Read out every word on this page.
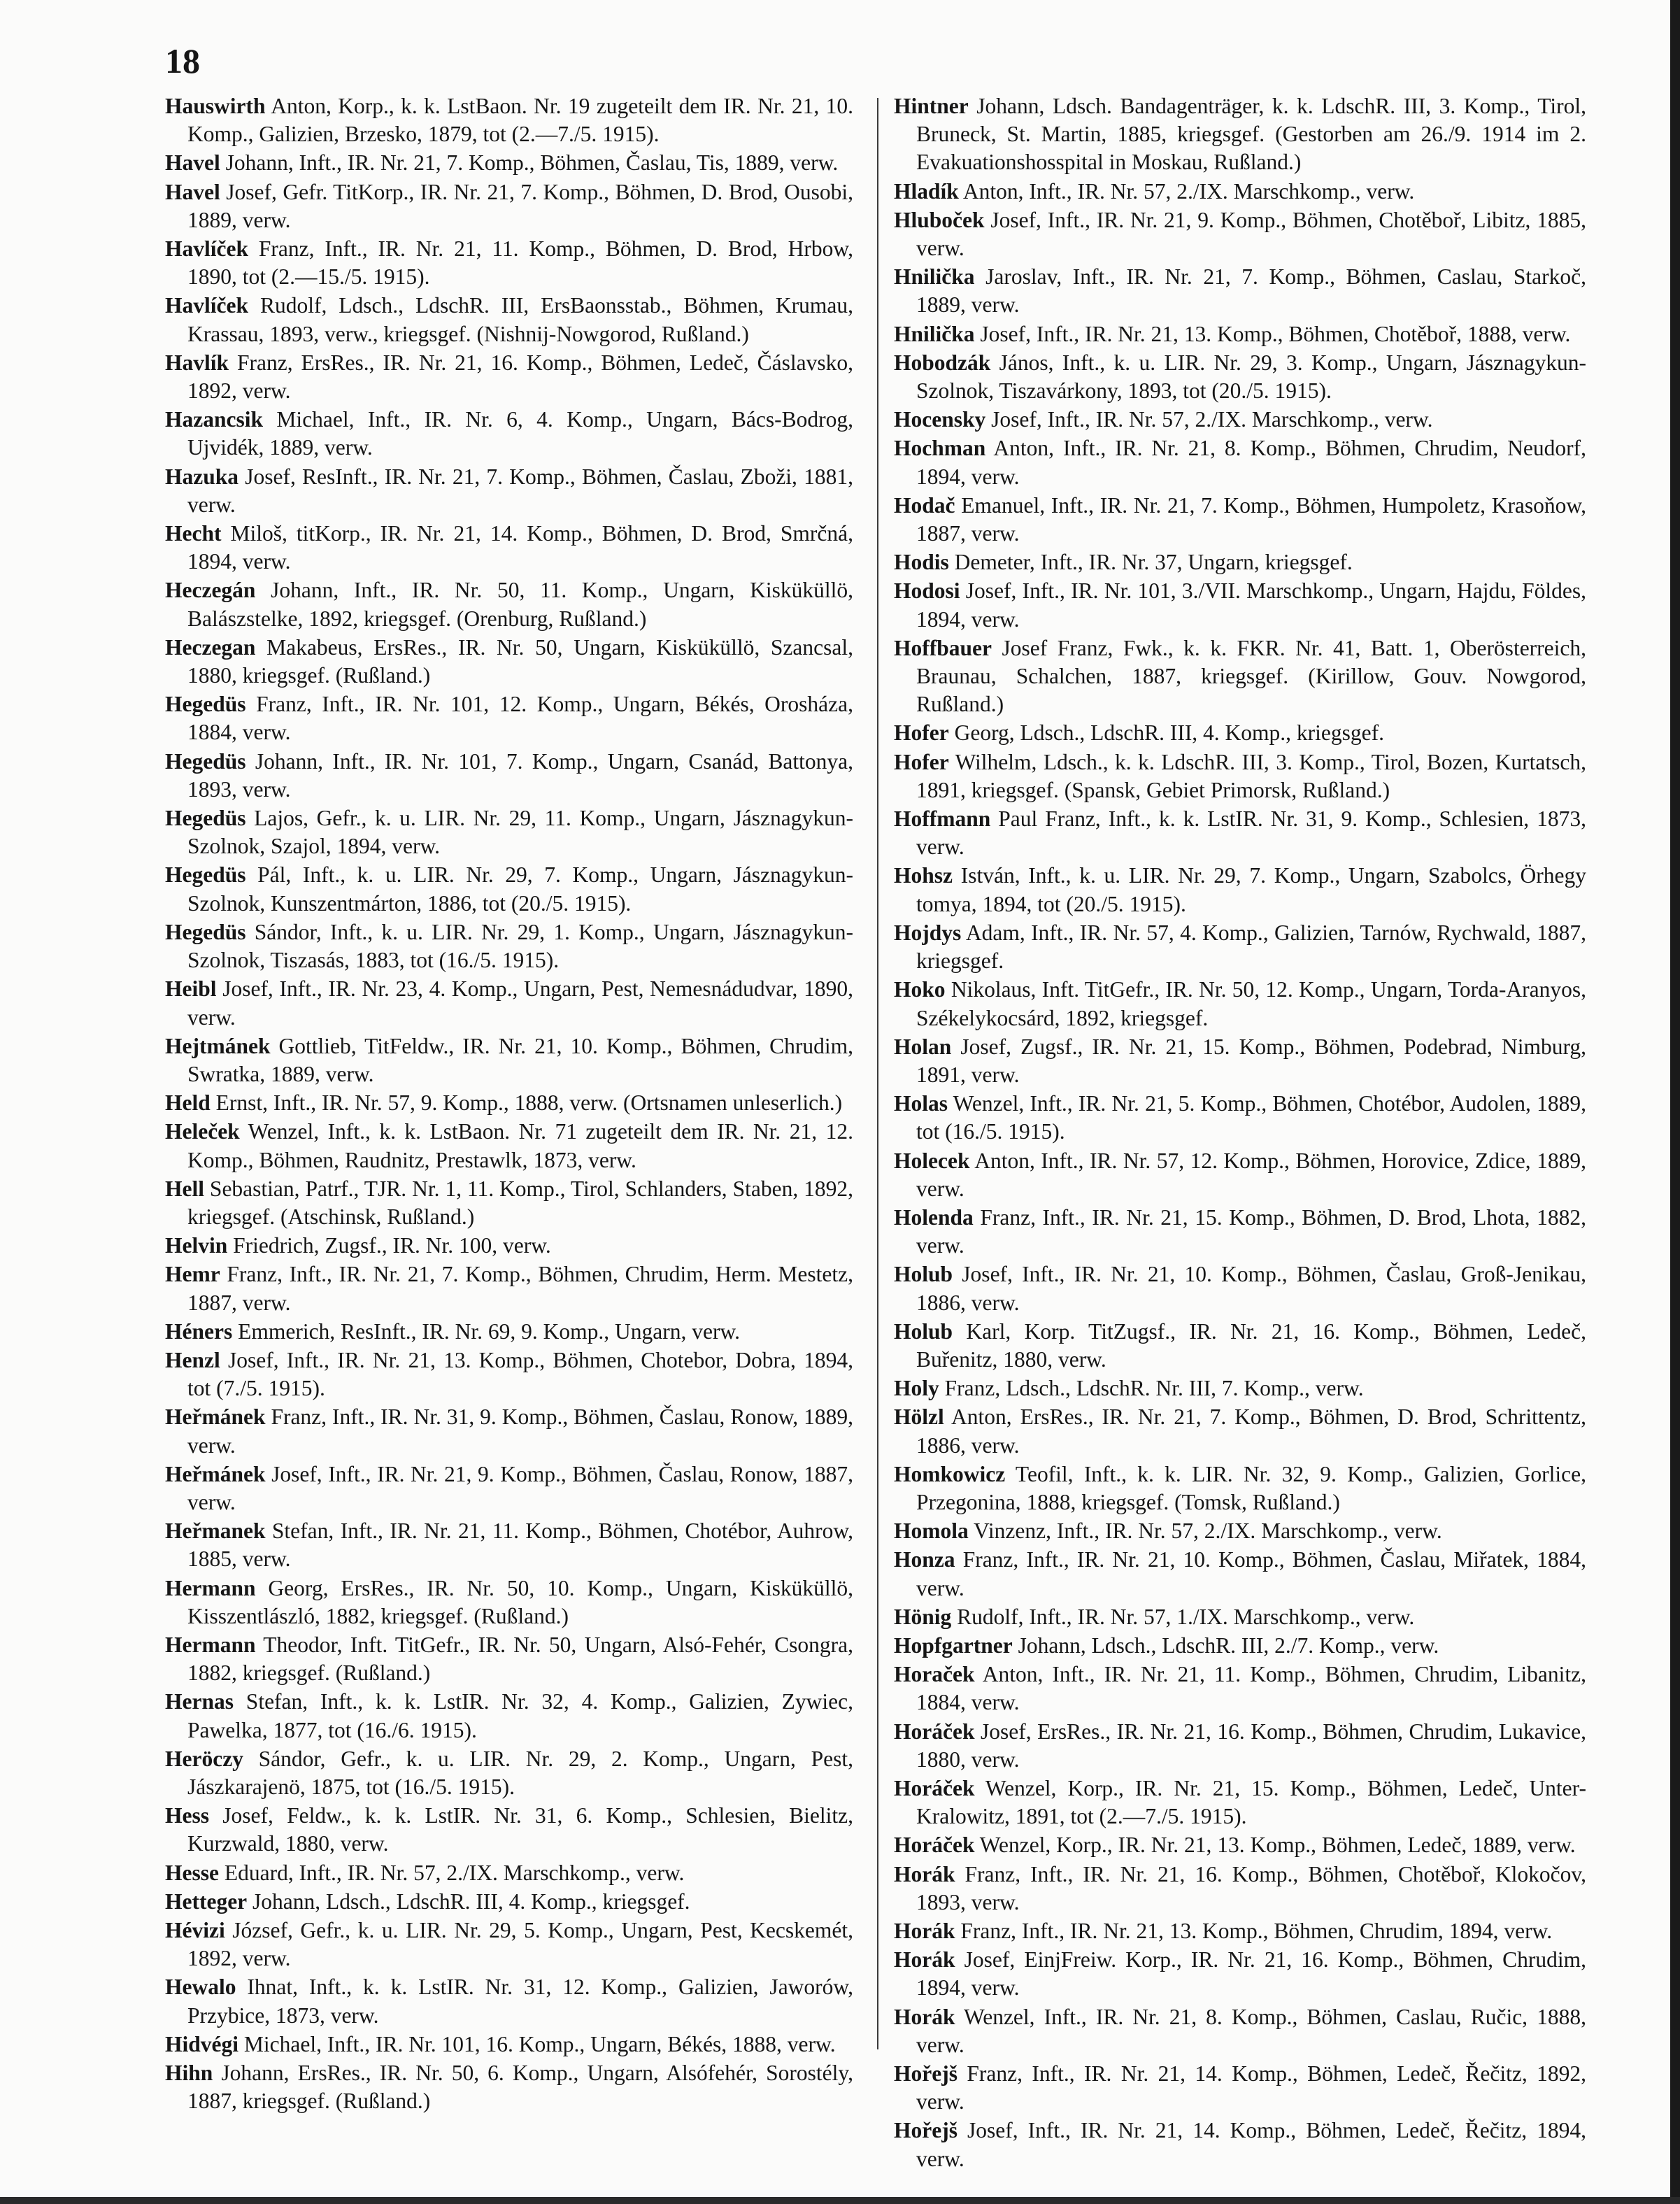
18

Hauswirth Anton, Korp., k. k. LstBaon. Nr. 19 zugeteilt dem IR. Nr. 21, 10. Komp., Galizien, Brzesko, 1879, tot (2.—7./5. 1915).

Havel Johann, Inft., IR. Nr. 21, 7. Komp., Böhmen, Časlau, Tis, 1889, verw.

Havel Josef, Gefr. TitKorp., IR. Nr. 21, 7. Komp., Böhmen, D. Brod, Ousobi, 1889, verw.

Havlíček Franz, Inft., IR. Nr. 21, 11. Komp., Böhmen, D. Brod, Hrbow, 1890, tot (2.—15./5. 1915).

Havlíček Rudolf, Ldsch., LdschR. III, ErsBaonsstab., Böhmen, Krumau, Krassau, 1893, verw., kriegsgef. (Nishnij-Nowgorod, Rußland.)

Havlík Franz, ErsRes., IR. Nr. 21, 16. Komp., Böhmen, Ledeč, Čáslavsko, 1892, verw.

Hazancsik Michael, Inft., IR. Nr. 6, 4. Komp., Ungarn, Bács-Bodrog, Ujvidék, 1889, verw.

Hazuka Josef, ResInft., IR. Nr. 21, 7. Komp., Böhmen, Časlau, Zboži, 1881, verw.

Hecht Miloš, titKorp., IR. Nr. 21, 14. Komp., Böhmen, D. Brod, Smrčná, 1894, verw.

Heczegán Johann, Inft., IR. Nr. 50, 11. Komp., Ungarn, Kisküküllö, Balászstelke, 1892, kriegsgef. (Orenburg, Rußland.)

Heczegan Makabeus, ErsRes., IR. Nr. 50, Ungarn, Kisküküllö, Szancsal, 1880, kriegsgef. (Rußland.)

Hegedüs Franz, Inft., IR. Nr. 101, 12. Komp., Ungarn, Békés, Orosháza, 1884, verw.

Hegedüs Johann, Inft., IR. Nr. 101, 7. Komp., Ungarn, Csanád, Battonya, 1893, verw.

Hegedüs Lajos, Gefr., k. u. LIR. Nr. 29, 11. Komp., Ungarn, Jásznagykun-Szolnok, Szajol, 1894, verw.

Hegedüs Pál, Inft., k. u. LIR. Nr. 29, 7. Komp., Ungarn, Jásznagykun-Szolnok, Kunszentmárton, 1886, tot (20./5. 1915).

Hegedüs Sándor, Inft., k. u. LIR. Nr. 29, 1. Komp., Ungarn, Jásznagykun-Szolnok, Tiszasás, 1883, tot (16./5. 1915).

Heibl Josef, Inft., IR. Nr. 23, 4. Komp., Ungarn, Pest, Nemesnádudvar, 1890, verw.

Hejtmánek Gottlieb, TitFeldw., IR. Nr. 21, 10. Komp., Böhmen, Chrudim, Swratka, 1889, verw.

Held Ernst, Inft., IR. Nr. 57, 9. Komp., 1888, verw. (Ortsnamen unleserlich.)

Heleček Wenzel, Inft., k. k. LstBaon. Nr. 71 zugeteilt dem IR. Nr. 21, 12. Komp., Böhmen, Raudnitz, Prestawlk, 1873, verw.

Hell Sebastian, Patrf., TJR. Nr. 1, 11. Komp., Tirol, Schlanders, Staben, 1892, kriegsgef. (Atschinsk, Rußland.)

Helvin Friedrich, Zugsf., IR. Nr. 100, verw.

Hemr Franz, Inft., IR. Nr. 21, 7. Komp., Böhmen, Chrudim, Herm. Mestetz, 1887, verw.

Héners Emmerich, ResInft., IR. Nr. 69, 9. Komp., Ungarn, verw.

Henzl Josef, Inft., IR. Nr. 21, 13. Komp., Böhmen, Chotebor, Dobra, 1894, tot (7./5. 1915).

Heřmánek Franz, Inft., IR. Nr. 31, 9. Komp., Böhmen, Časlau, Ronow, 1889, verw.

Heřmánek Josef, Inft., IR. Nr. 21, 9. Komp., Böhmen, Časlau, Ronow, 1887, verw.

Heřmanek Stefan, Inft., IR. Nr. 21, 11. Komp., Böhmen, Chotébor, Auhrow, 1885, verw.

Hermann Georg, ErsRes., IR. Nr. 50, 10. Komp., Ungarn, Kisküküllö, Kisszentlászló, 1882, kriegsgef. (Rußland.)

Hermann Theodor, Inft. TitGefr., IR. Nr. 50, Ungarn, Alsó-Fehér, Csongra, 1882, kriegsgef. (Rußland.)

Hernas Stefan, Inft., k. k. LstIR. Nr. 32, 4. Komp., Galizien, Zywiec, Pawelka, 1877, tot (16./6. 1915).

Heröczy Sándor, Gefr., k. u. LIR. Nr. 29, 2. Komp., Ungarn, Pest, Jászkarajenö, 1875, tot (16./5. 1915).

Hess Josef, Feldw., k. k. LstIR. Nr. 31, 6. Komp., Schlesien, Bielitz, Kurzwald, 1880, verw.

Hesse Eduard, Inft., IR. Nr. 57, 2./IX. Marschkomp., verw.

Hetteger Johann, Ldsch., LdschR. III, 4. Komp., kriegsgef.

Hévizi József, Gefr., k. u. LIR. Nr. 29, 5. Komp., Ungarn, Pest, Kecskemét, 1892, verw.

Hewalo Ihnat, Inft., k. k. LstIR. Nr. 31, 12. Komp., Galizien, Jaworów, Przybice, 1873, verw.

Hidvégi Michael, Inft., IR. Nr. 101, 16. Komp., Ungarn, Békés, 1888, verw.

Hihn Johann, ErsRes., IR. Nr. 50, 6. Komp., Ungarn, Alsófehér, Sorostély, 1887, kriegsgef. (Rußland.)

Hintner Johann, Ldsch. Bandagenträger, k. k. LdschR. III, 3. Komp., Tirol, Bruneck, St. Martin, 1885, kriegsgef. (Gestorben am 26./9. 1914 im 2. Evakuationshosspital in Moskau, Rußland.)

Hladík Anton, Inft., IR. Nr. 57, 2./IX. Marschkomp., verw.

Hluboček Josef, Inft., IR. Nr. 21, 9. Komp., Böhmen, Chotěboř, Libitz, 1885, verw.

Hnilička Jaroslav, Inft., IR. Nr. 21, 7. Komp., Böhmen, Caslau, Starkoč, 1889, verw.

Hnilička Josef, Inft., IR. Nr. 21, 13. Komp., Böhmen, Chotěboř, 1888, verw.

Hobodzák János, Inft., k. u. LIR. Nr. 29, 3. Komp., Ungarn, Jásznagykun-Szolnok, Tiszavárkony, 1893, tot (20./5. 1915).

Hocensky Josef, Inft., IR. Nr. 57, 2./IX. Marschkomp., verw.

Hochman Anton, Inft., IR. Nr. 21, 8. Komp., Böhmen, Chrudim, Neudorf, 1894, verw.

Hodač Emanuel, Inft., IR. Nr. 21, 7. Komp., Böhmen, Humpoletz, Krasoňow, 1887, verw.

Hodis Demeter, Inft., IR. Nr. 37, Ungarn, kriegsgef.

Hodosi Josef, Inft., IR. Nr. 101, 3./VII. Marschkomp., Ungarn, Hajdu, Földes, 1894, verw.

Hoffbauer Josef Franz, Fwk., k. k. FKR. Nr. 41, Batt. 1, Oberösterreich, Braunau, Schalchen, 1887, kriegsgef. (Kirillow, Gouv. Nowgorod, Rußland.)

Hofer Georg, Ldsch., LdschR. III, 4. Komp., kriegsgef.

Hofer Wilhelm, Ldsch., k. k. LdschR. III, 3. Komp., Tirol, Bozen, Kurtatsch, 1891, kriegsgef. (Spansk, Gebiet Primorsk, Rußland.)

Hoffmann Paul Franz, Inft., k. k. LstIR. Nr. 31, 9. Komp., Schlesien, 1873, verw.

Hohsz István, Inft., k. u. LIR. Nr. 29, 7. Komp., Ungarn, Szabolcs, Örhegy tomya, 1894, tot (20./5. 1915).

Hojdys Adam, Inft., IR. Nr. 57, 4. Komp., Galizien, Tarnów, Rychwald, 1887, kriegsgef.

Hoko Nikolaus, Inft. TitGefr., IR. Nr. 50, 12. Komp., Ungarn, Torda-Aranyos, Székelykocsárd, 1892, kriegsgef.

Holan Josef, Zugsf., IR. Nr. 21, 15. Komp., Böhmen, Podebrad, Nimburg, 1891, verw.

Holas Wenzel, Inft., IR. Nr. 21, 5. Komp., Böhmen, Chotébor, Audolen, 1889, tot (16./5. 1915).

Holecek Anton, Inft., IR. Nr. 57, 12. Komp., Böhmen, Horovice, Zdice, 1889, verw.

Holenda Franz, Inft., IR. Nr. 21, 15. Komp., Böhmen, D. Brod, Lhota, 1882, verw.

Holub Josef, Inft., IR. Nr. 21, 10. Komp., Böhmen, Časlau, Groß-Jenikau, 1886, verw.

Holub Karl, Korp. TitZugsf., IR. Nr. 21, 16. Komp., Böhmen, Ledeč, Buřenitz, 1880, verw.

Holy Franz, Ldsch., LdschR. Nr. III, 7. Komp., verw.

Hölzl Anton, ErsRes., IR. Nr. 21, 7. Komp., Böhmen, D. Brod, Schrittentz, 1886, verw.

Homkowicz Teofil, Inft., k. k. LIR. Nr. 32, 9. Komp., Galizien, Gorlice, Przegonina, 1888, kriegsgef. (Tomsk, Rußland.)

Homola Vinzenz, Inft., IR. Nr. 57, 2./IX. Marschkomp., verw.

Honza Franz, Inft., IR. Nr. 21, 10. Komp., Böhmen, Časlau, Miřatek, 1884, verw.

Hönig Rudolf, Inft., IR. Nr. 57, 1./IX. Marschkomp., verw.

Hopfgartner Johann, Ldsch., LdschR. III, 2./7. Komp., verw.

Horaček Anton, Inft., IR. Nr. 21, 11. Komp., Böhmen, Chrudim, Libanitz, 1884, verw.

Horáček Josef, ErsRes., IR. Nr. 21, 16. Komp., Böhmen, Chrudim, Lukavice, 1880, verw.

Horáček Wenzel, Korp., IR. Nr. 21, 15. Komp., Böhmen, Ledeč, Unter-Kralowitz, 1891, tot (2.—7./5. 1915).

Horáček Wenzel, Korp., IR. Nr. 21, 13. Komp., Böhmen, Ledeč, 1889, verw.

Horák Franz, Inft., IR. Nr. 21, 16. Komp., Böhmen, Chotěboř, Klokočov, 1893, verw.

Horák Franz, Inft., IR. Nr. 21, 13. Komp., Böhmen, Chrudim, 1894, verw.

Horák Josef, EinjFreiw. Korp., IR. Nr. 21, 16. Komp., Böhmen, Chrudim, 1894, verw.

Horák Wenzel, Inft., IR. Nr. 21, 8. Komp., Böhmen, Caslau, Ručic, 1888, verw.

Hořejš Franz, Inft., IR. Nr. 21, 14. Komp., Böhmen, Ledeč, Řečitz, 1892, verw.

Hořejš Josef, Inft., IR. Nr. 21, 14. Komp., Böhmen, Ledeč, Řečitz, 1894, verw.
